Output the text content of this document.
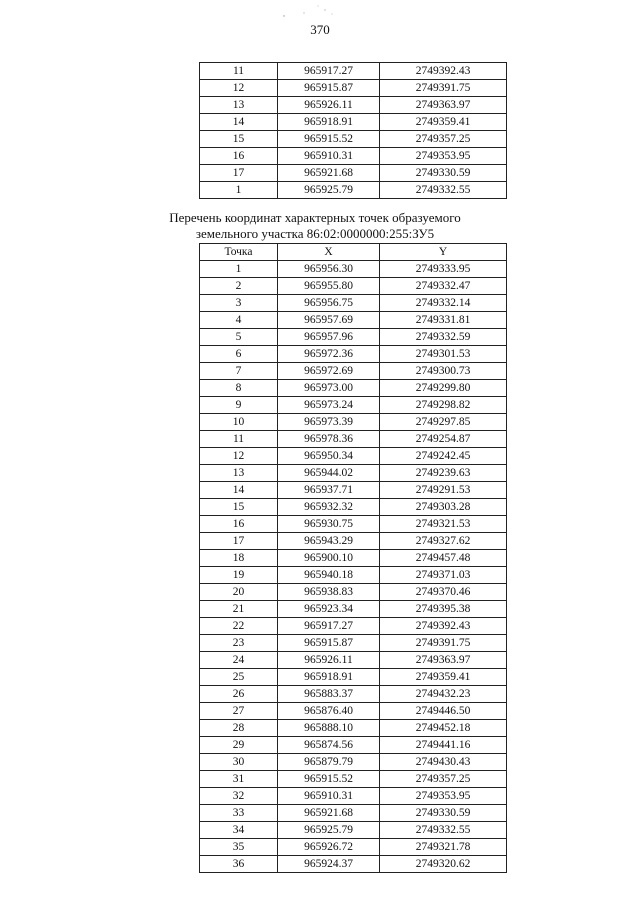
370
11	965917.27	2749392.43
12	965915.87	2749391.75
13	965926.11	2749363.97
14	965918.91	2749359.41
15	965915.52	2749357.25
16	965910.31	2749353.95
17	965921.68	2749330.59
1	965925.79	2749332.55
Перечень координат характерных точек образуемого
земельного участка 86:02:0000000:255:ЗУ5
Точка	X	Y
1	965956.30	2749333.95
2	965955.80	2749332.47
3	965956.75	2749332.14
4	965957.69	2749331.81
5	965957.96	2749332.59
6	965972.36	2749301.53
7	965972.69	2749300.73
8	965973.00	2749299.80
9	965973.24	2749298.82
10	965973.39	2749297.85
11	965978.36	2749254.87
12	965950.34	2749242.45
13	965944.02	2749239.63
14	965937.71	2749291.53
15	965932.32	2749303.28
16	965930.75	2749321.53
17	965943.29	2749327.62
18	965900.10	2749457.48
19	965940.18	2749371.03
20	965938.83	2749370.46
21	965923.34	2749395.38
22	965917.27	2749392.43
23	965915.87	2749391.75
24	965926.11	2749363.97
25	965918.91	2749359.41
26	965883.37	2749432.23
27	965876.40	2749446.50
28	965888.10	2749452.18
29	965874.56	2749441.16
30	965879.79	2749430.43
31	965915.52	2749357.25
32	965910.31	2749353.95
33	965921.68	2749330.59
34	965925.79	2749332.55
35	965926.72	2749321.78
36	965924.37	2749320.62
